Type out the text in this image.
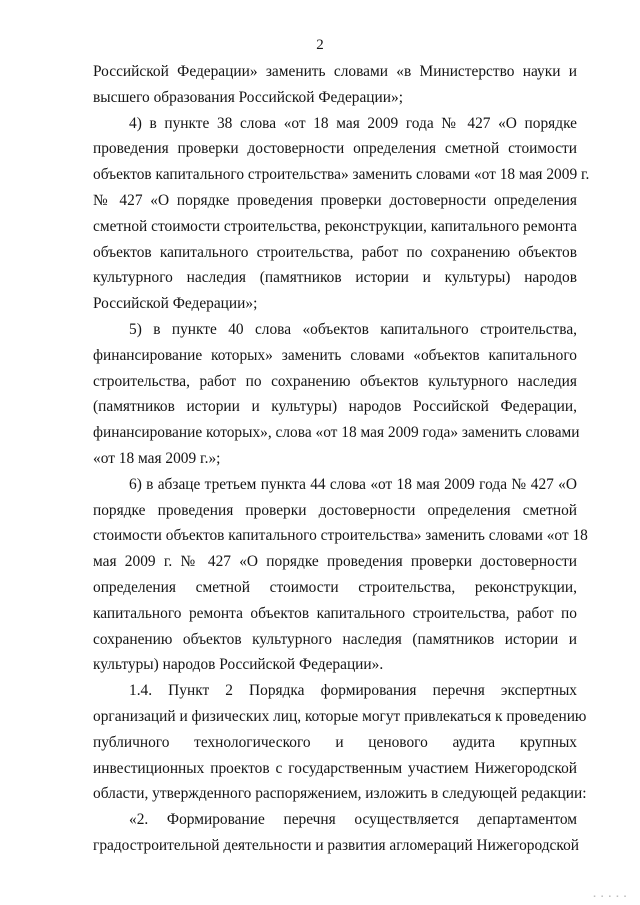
2
Российской Федерации» заменить словами «в Министерство науки и
высшего образования Российской Федерации»;
4) в пункте 38 слова «от 18 мая 2009 года № 427 «О порядке
проведения проверки достоверности определения сметной стоимости
объектов капитального строительства» заменить словами «от 18 мая 2009 г.
№ 427 «О порядке проведения проверки достоверности определения
сметной стоимости строительства, реконструкции, капитального ремонта
объектов капитального строительства, работ по сохранению объектов
культурного наследия (памятников истории и культуры) народов
Российской Федерации»;
5) в пункте 40 слова «объектов капитального строительства,
финансирование которых» заменить словами «объектов капитального
строительства, работ по сохранению объектов культурного наследия
(памятников истории и культуры) народов Российской Федерации,
финансирование которых», слова «от 18 мая 2009 года» заменить словами
«от 18 мая 2009 г.»;
6) в абзаце третьем пункта 44 слова «от 18 мая 2009 года № 427 «О
порядке проведения проверки достоверности определения сметной
стоимости объектов капитального строительства» заменить словами «от 18
мая 2009 г. № 427 «О порядке проведения проверки достоверности
определения сметной стоимости строительства, реконструкции,
капитального ремонта объектов капитального строительства, работ по
сохранению объектов культурного наследия (памятников истории и
культуры) народов Российской Федерации».
1.4. Пункт 2 Порядка формирования перечня экспертных
организаций и физических лиц, которые могут привлекаться к проведению
публичного технологического и ценового аудита крупных
инвестиционных проектов с государственным участием Нижегородской
области, утвержденного распоряжением, изложить в следующей редакции:
«2. Формирование перечня осуществляется департаментом
градостроительной деятельности и развития агломераций Нижегородской
▪ ▪ ▪ ▪ ▪
